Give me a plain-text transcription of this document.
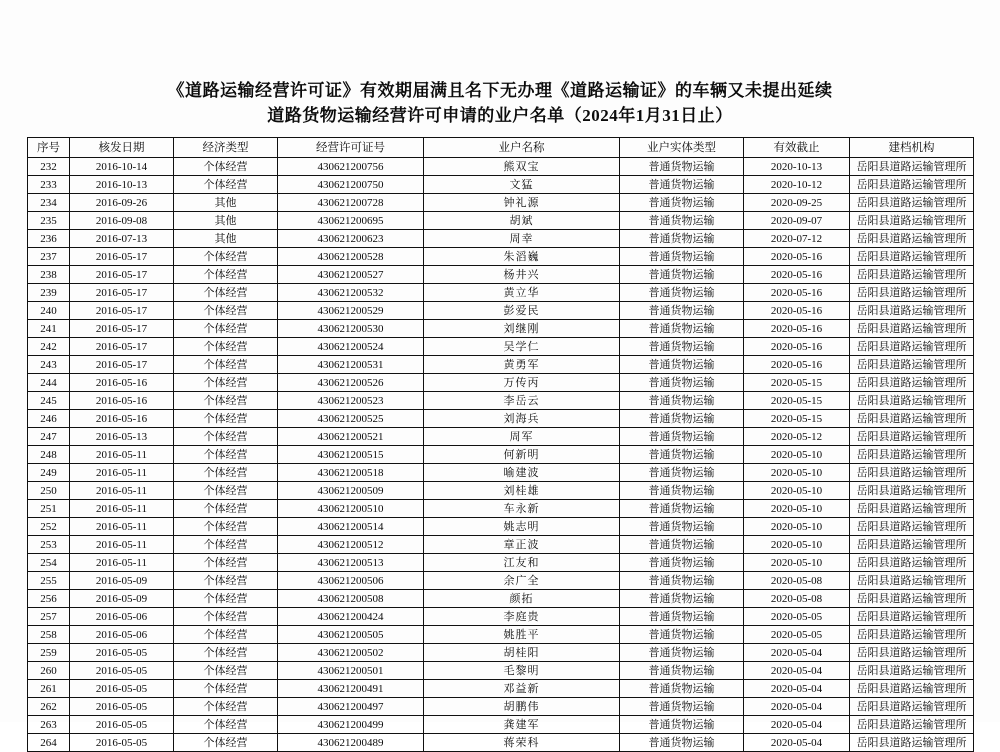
《道路运输经营许可证》有效期届满且名下无办理《道路运输证》的车辆又未提出延续
道路货物运输经营许可申请的业户名单（2024年1月31日止）
序号	核发日期	经济类型	经营许可证号	业户名称	业户实体类型	有效截止	建档机构
232	2016-10-14	个体经营	430621200756	熊双宝	普通货物运输	2020-10-13	岳阳县道路运输管理所
233	2016-10-13	个体经营	430621200750	文猛	普通货物运输	2020-10-12	岳阳县道路运输管理所
234	2016-09-26	其他	430621200728	钟礼源	普通货物运输	2020-09-25	岳阳县道路运输管理所
235	2016-09-08	其他	430621200695	胡斌	普通货物运输	2020-09-07	岳阳县道路运输管理所
236	2016-07-13	其他	430621200623	周幸	普通货物运输	2020-07-12	岳阳县道路运输管理所
237	2016-05-17	个体经营	430621200528	朱滔巍	普通货物运输	2020-05-16	岳阳县道路运输管理所
238	2016-05-17	个体经营	430621200527	杨井兴	普通货物运输	2020-05-16	岳阳县道路运输管理所
239	2016-05-17	个体经营	430621200532	黄立华	普通货物运输	2020-05-16	岳阳县道路运输管理所
240	2016-05-17	个体经营	430621200529	彭爱民	普通货物运输	2020-05-16	岳阳县道路运输管理所
241	2016-05-17	个体经营	430621200530	刘继刚	普通货物运输	2020-05-16	岳阳县道路运输管理所
242	2016-05-17	个体经营	430621200524	吴学仁	普通货物运输	2020-05-16	岳阳县道路运输管理所
243	2016-05-17	个体经营	430621200531	黄勇军	普通货物运输	2020-05-16	岳阳县道路运输管理所
244	2016-05-16	个体经营	430621200526	万传丙	普通货物运输	2020-05-15	岳阳县道路运输管理所
245	2016-05-16	个体经营	430621200523	李岳云	普通货物运输	2020-05-15	岳阳县道路运输管理所
246	2016-05-16	个体经营	430621200525	刘海兵	普通货物运输	2020-05-15	岳阳县道路运输管理所
247	2016-05-13	个体经营	430621200521	周军	普通货物运输	2020-05-12	岳阳县道路运输管理所
248	2016-05-11	个体经营	430621200515	何新明	普通货物运输	2020-05-10	岳阳县道路运输管理所
249	2016-05-11	个体经营	430621200518	喻建波	普通货物运输	2020-05-10	岳阳县道路运输管理所
250	2016-05-11	个体经营	430621200509	刘桂雄	普通货物运输	2020-05-10	岳阳县道路运输管理所
251	2016-05-11	个体经营	430621200510	车永新	普通货物运输	2020-05-10	岳阳县道路运输管理所
252	2016-05-11	个体经营	430621200514	姚志明	普通货物运输	2020-05-10	岳阳县道路运输管理所
253	2016-05-11	个体经营	430621200512	章正波	普通货物运输	2020-05-10	岳阳县道路运输管理所
254	2016-05-11	个体经营	430621200513	江友和	普通货物运输	2020-05-10	岳阳县道路运输管理所
255	2016-05-09	个体经营	430621200506	余广全	普通货物运输	2020-05-08	岳阳县道路运输管理所
256	2016-05-09	个体经营	430621200508	颜拓	普通货物运输	2020-05-08	岳阳县道路运输管理所
257	2016-05-06	个体经营	430621200424	李庭贵	普通货物运输	2020-05-05	岳阳县道路运输管理所
258	2016-05-06	个体经营	430621200505	姚胜平	普通货物运输	2020-05-05	岳阳县道路运输管理所
259	2016-05-05	个体经营	430621200502	胡桂阳	普通货物运输	2020-05-04	岳阳县道路运输管理所
260	2016-05-05	个体经营	430621200501	毛黎明	普通货物运输	2020-05-04	岳阳县道路运输管理所
261	2016-05-05	个体经营	430621200491	邓益新	普通货物运输	2020-05-04	岳阳县道路运输管理所
262	2016-05-05	个体经营	430621200497	胡鹏伟	普通货物运输	2020-05-04	岳阳县道路运输管理所
263	2016-05-05	个体经营	430621200499	龚建军	普通货物运输	2020-05-04	岳阳县道路运输管理所
264	2016-05-05	个体经营	430621200489	蒋荣科	普通货物运输	2020-05-04	岳阳县道路运输管理所
